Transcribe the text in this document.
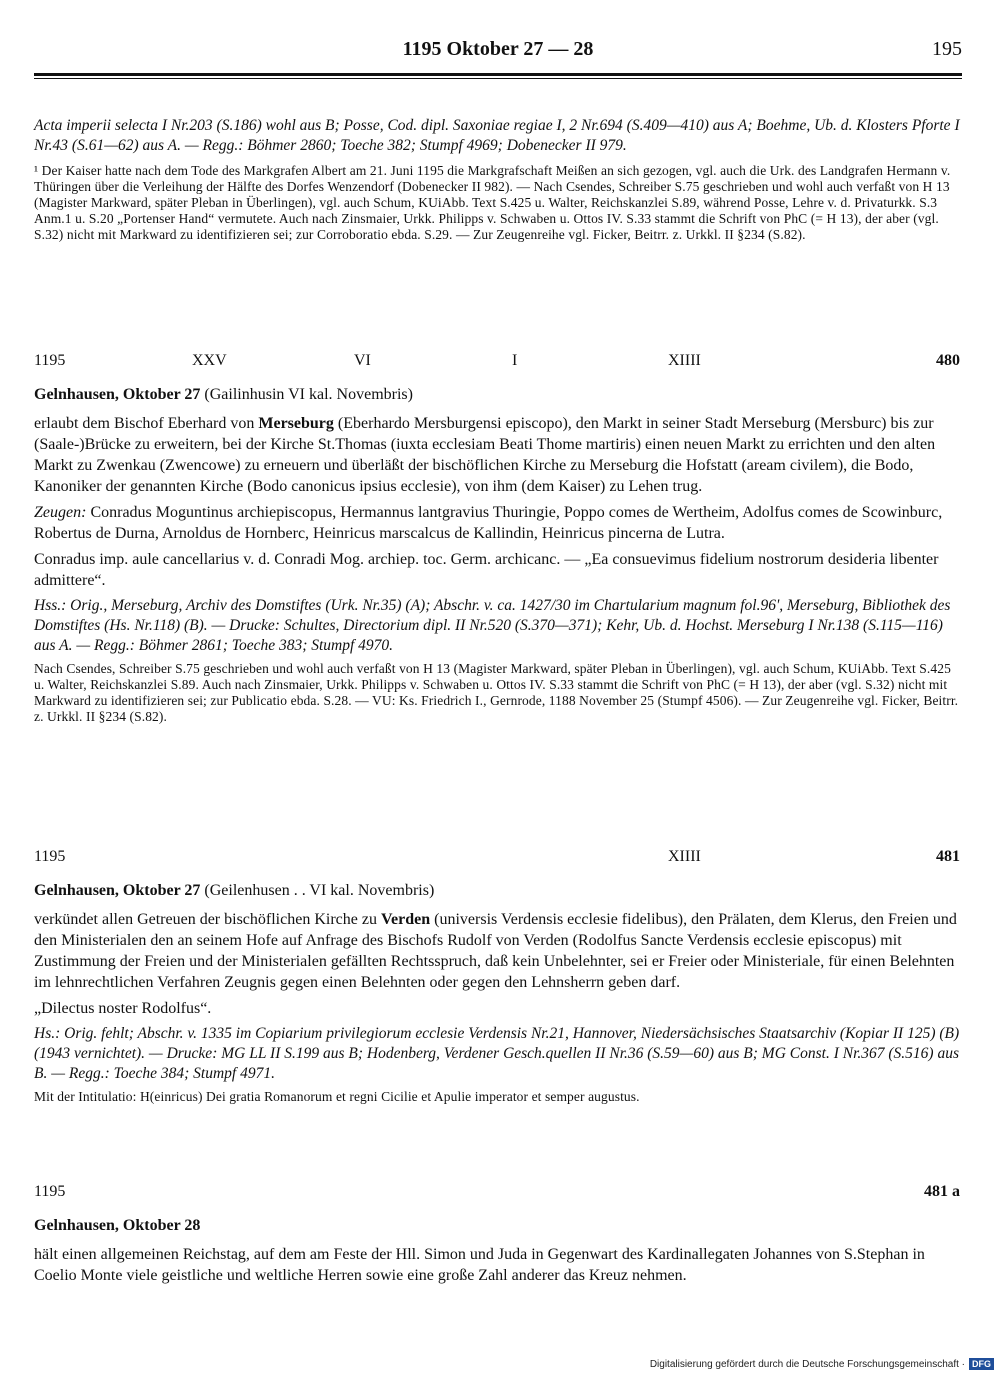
1195 Oktober 27 — 28	195

Acta imperii selecta I Nr.203 (S.186) wohl aus B; Posse, Cod. dipl. Saxoniae regiae I, 2 Nr.694 (S.409—410) aus A; Boehme, Ub. d. Klosters Pforte I Nr.43 (S.61—62) aus A. — Regg.: Böhmer 2860; Toeche 382; Stumpf 4969; Dobenecker II 979.

¹ Der Kaiser hatte nach dem Tode des Markgrafen Albert am 21. Juni 1195 die Markgrafschaft Meißen an sich gezogen, vgl. auch die Urk. des Landgrafen Hermann v. Thüringen über die Verleihung der Hälfte des Dorfes Wenzendorf (Dobenecker II 982). — Nach Csendes, Schreiber S.75 geschrieben und wohl auch verfaßt von H 13 (Magister Markward, später Pleban in Überlingen), vgl. auch Schum, KUiAbb. Text S.425 u. Walter, Reichskanzlei S.89, während Posse, Lehre v. d. Privaturkk. S.3 Anm.1 u. S.20 „Portenser Hand“ vermutete. Auch nach Zinsmaier, Urkk. Philipps v. Schwaben u. Ottos IV. S.33 stammt die Schrift von PhC (= H 13), der aber (vgl. S.32) nicht mit Markward zu identifizieren sei; zur Corroboratio ebda. S.29. — Zur Zeugenreihe vgl. Ficker, Beitrr. z. Urkkl. II §234 (S.82).

1195	XXV	VI	I	XIIII	480

Gelnhausen, Oktober 27 (Gailinhusin VI kal. Novembris)

erlaubt dem Bischof Eberhard von Merseburg (Eberhardo Mersburgensi episcopo), den Markt in seiner Stadt Merseburg (Mersburc) bis zur (Saale-)Brücke zu erweitern, bei der Kirche St.Thomas (iuxta ecclesiam Beati Thome martiris) einen neuen Markt zu errichten und den alten Markt zu Zwenkau (Zwencowe) zu erneuern und überläßt der bischöflichen Kirche zu Merseburg die Hofstatt (aream civilem), die Bodo, Kanoniker der genannten Kirche (Bodo canonicus ipsius ecclesie), von ihm (dem Kaiser) zu Lehen trug.

Zeugen: Conradus Moguntinus archiepiscopus, Hermannus lantgravius Thuringie, Poppo comes de Wertheim, Adolfus comes de Scowinburc, Robertus de Durna, Arnoldus de Hornberc, Heinricus marscalcus de Kallindin, Heinricus pincerna de Lutra.

Conradus imp. aule cancellarius v. d. Conradi Mog. archiep. toc. Germ. archicanc. — „Ea consuevimus fidelium nostrorum desideria libenter admittere“.

Hss.: Orig., Merseburg, Archiv des Domstiftes (Urk. Nr.35) (A); Abschr. v. ca. 1427/30 im Chartularium magnum fol.96', Merseburg, Bibliothek des Domstiftes (Hs. Nr.118) (B). — Drucke: Schultes, Directorium dipl. II Nr.520 (S.370—371); Kehr, Ub. d. Hochst. Merseburg I Nr.138 (S.115—116) aus A. — Regg.: Böhmer 2861; Toeche 383; Stumpf 4970.

Nach Csendes, Schreiber S.75 geschrieben und wohl auch verfaßt von H 13 (Magister Markward, später Pleban in Überlingen), vgl. auch Schum, KUiAbb. Text S.425 u. Walter, Reichskanzlei S.89. Auch nach Zinsmaier, Urkk. Philipps v. Schwaben u. Ottos IV. S.33 stammt die Schrift von PhC (= H 13), der aber (vgl. S.32) nicht mit Markward zu identifizieren sei; zur Publicatio ebda. S.28. — VU: Ks. Friedrich I., Gernrode, 1188 November 25 (Stumpf 4506). — Zur Zeugenreihe vgl. Ficker, Beitrr. z. Urkkl. II §234 (S.82).

1195	XIIII	481

Gelnhausen, Oktober 27 (Geilenhusen . . VI kal. Novembris)

verkündet allen Getreuen der bischöflichen Kirche zu Verden (universis Verdensis ecclesie fidelibus), den Prälaten, dem Klerus, den Freien und den Ministerialen den an seinem Hofe auf Anfrage des Bischofs Rudolf von Verden (Rodolfus Sancte Verdensis ecclesie episcopus) mit Zustimmung der Freien und der Ministerialen gefällten Rechtsspruch, daß kein Unbelehnter, sei er Freier oder Ministeriale, für einen Belehnten im lehnrechtlichen Verfahren Zeugnis gegen einen Belehnten oder gegen den Lehnsherrn geben darf.

„Dilectus noster Rodolfus“.

Hs.: Orig. fehlt; Abschr. v. 1335 im Copiarium privilegiorum ecclesie Verdensis Nr.21, Hannover, Niedersächsisches Staatsarchiv (Kopiar II 125) (B) (1943 vernichtet). — Drucke: MG LL II S.199 aus B; Hodenberg, Verdener Gesch.quellen II Nr.36 (S.59—60) aus B; MG Const. I Nr.367 (S.516) aus B. — Regg.: Toeche 384; Stumpf 4971.

Mit der Intitulatio: H(einricus) Dei gratia Romanorum et regni Cicilie et Apulie imperator et semper augustus.

1195	481 a

Gelnhausen, Oktober 28

hält einen allgemeinen Reichstag, auf dem am Feste der Hll. Simon und Juda in Gegenwart des Kardinallegaten Johannes von S.Stephan in Coelio Monte viele geistliche und weltliche Herren sowie eine große Zahl anderer das Kreuz nehmen.

Digitalisierung gefördert durch die Deutsche Forschungsgemeinschaft · DFG
